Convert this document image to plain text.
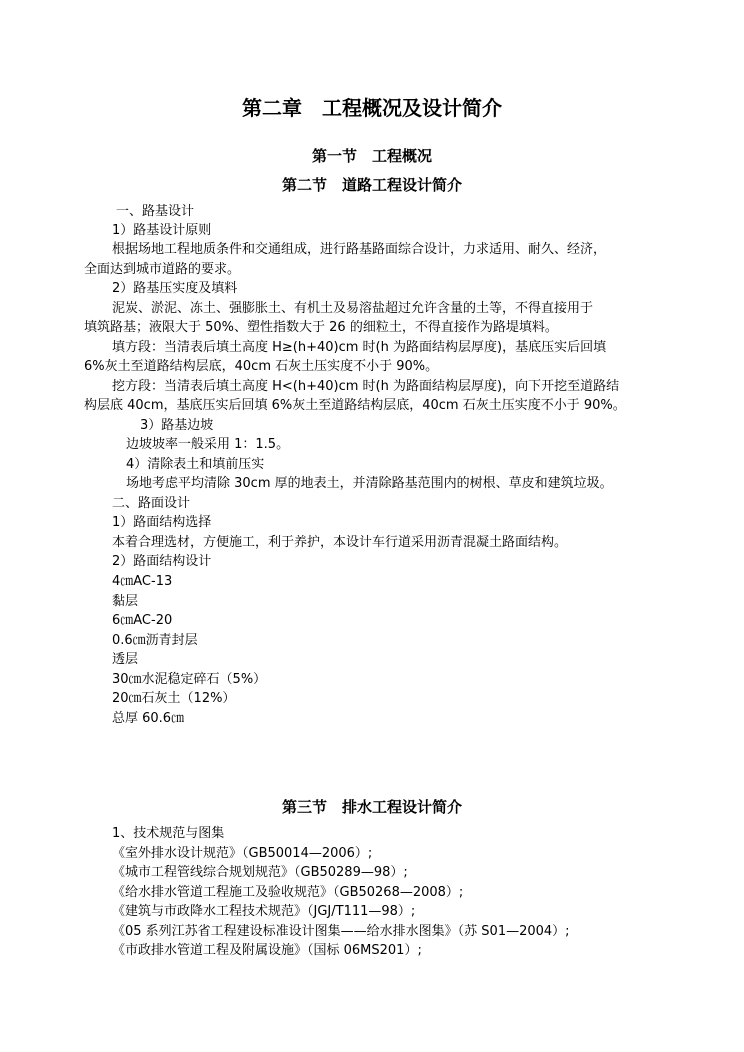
第二章　工程概况及设计简介
第一节　工程概况
第二节　道路工程设计简介
一、路基设计
1）路基设计原则
根据场地工程地质条件和交通组成，进行路基路面综合设计，力求适用、耐久、经济，
全面达到城市道路的要求。
2）路基压实度及填料
泥炭、淤泥、冻土、强膨胀土、有机土及易溶盐超过允许含量的土等，不得直接用于
填筑路基；液限大于 50%、塑性指数大于 26 的细粒土，不得直接作为路堤填料。
填方段：当清表后填土高度 H≥(h+40)cm 时(h 为路面结构层厚度)，基底压实后回填
6%灰土至道路结构层底，40cm 石灰土压实度不小于 90%。
挖方段：当清表后填土高度 H<(h+40)cm 时(h 为路面结构层厚度)，向下开挖至道路结
构层底 40cm，基底压实后回填 6%灰土至道路结构层底，40cm 石灰土压实度不小于 90%。
3）路基边坡
边坡坡率一般采用 1：1.5。
4）清除表土和填前压实
场地考虑平均清除 30cm 厚的地表土，并清除路基范围内的树根、草皮和建筑垃圾。
二、路面设计
1）路面结构选择
本着合理选材，方便施工，利于养护，本设计车行道采用沥青混凝土路面结构。
2）路面结构设计
4㎝AC-13
黏层
6㎝AC-20
0.6㎝沥青封层
透层
30㎝水泥稳定碎石（5%）
20㎝石灰土（12%）
总厚 60.6㎝
第三节　排水工程设计简介
1、技术规范与图集
《室外排水设计规范》（GB50014—2006）;
《城市工程管线综合规划规范》（GB50289—98）;
《给水排水管道工程施工及验收规范》（GB50268—2008）;
《建筑与市政降水工程技术规范》（JGJ/T111—98）;
《05 系列江苏省工程建设标准设计图集——给水排水图集》（苏 S01—2004）;
《市政排水管道工程及附属设施》（国标 06MS201）;
